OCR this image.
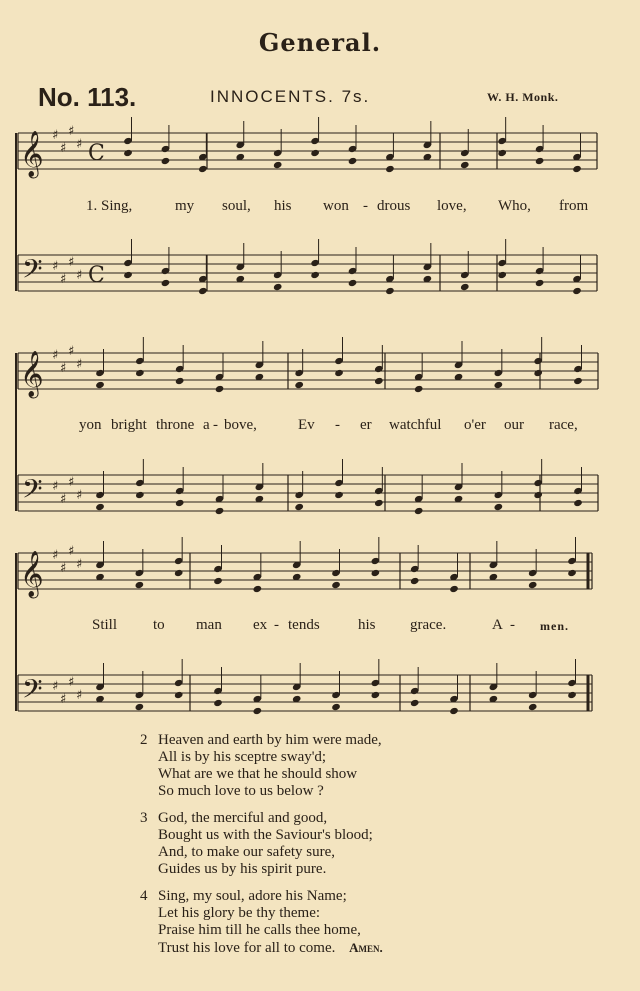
General.
No. 113.	INNOCENTS. 7s.	W. H. Monk.
𝄞 ♯
♯
♯
♯ C
𝄢 ♯
♯
♯
♯ C
𝄞 ♯
♯
♯
♯
𝄢 ♯
♯
♯
♯
𝄞 ♯
♯
♯
♯
𝄢 ♯
♯
♯
♯
1. Sing,	my soul, his won - drous love, Who, from
yon bright throne a - bove,	Ev - er watchful o'er our race,
Still to man ex - tends	his grace.	A - men.
2 Heaven and earth by him were made,
All is by his sceptre sway'd;
What are we that he should show
So much love to us below ?
3 God, the merciful and good,
Bought us with the Saviour's blood;
And, to make our safety sure,
Guides us by his spirit pure.
4 Sing, my soul, adore his Name;
Let his glory be thy theme:
Praise him till he calls thee home,
Trust his love for all to come. Amen.
